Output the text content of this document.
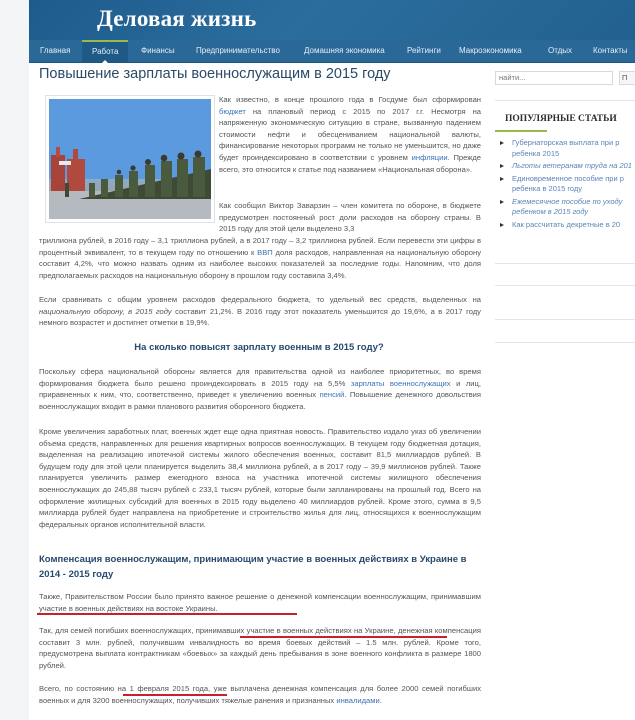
Деловая жизнь
Главная	Работа	Финансы	Предпринимательство	Домашняя экономика	Рейтинги Макроэкономика	Отдых	Контакты
Повышение зарплаты военнослужащим в 2015 году
Как известно, в конце прошлого года в Госдуме был сформирован бюджет на плановый период с 2015 по 2017 г.г. Несмотря на напряженную экономическую ситуацию в стране, вызванную падением стоимости нефти и обесцениванием национальной валюты, финансирование некоторых программ не только не уменьшится, но даже будет проиндексировано в соответствии с уровнем инфляции. Прежде всего, это относится к статье под названием «Национальная оборона».
Как сообщил Виктор Заварзин – член комитета по обороне, в бюджете предусмотрен постоянный рост доли расходов на оборону страны. В 2015 году для этой цели выделено 3,3
триллиона рублей, в 2016 году – 3,1 триллиона рублей, а в 2017 году – 3,2 триллиона рублей. Если перевести эти цифры в процентный эквивалент, то в текущем году по отношению к ВВП доля расходов, направленная на национальную оборону составит 4,2%, что можно назвать одним из наиболее высоких показателей за последние годы. Напомним, что доля предполагаемых расходов на национальную оборону в прошлом году составила 3,4%.
Если сравнивать с общим уровнем расходов федерального бюджета, то удельный вес средств, выделенных на национальную оборону, в 2015 году составит 21,2%. В 2016 году этот показатель уменьшится до 19,6%, а в 2017 году немного возрастет и достигнет отметки в 19,9%.
На сколько повысят зарплату военным в 2015 году?
Поскольку сфера национальной обороны является для правительства одной из наиболее приоритетных, во время формирования бюджета было решено проиндексировать в 2015 году на 5,5% зарплаты военнослужащих и лиц, приравненных к ним, что, соответственно, приведет к увеличению военных пенсий. Повышение денежного довольствия военнослужащих входит в рамки планового развития оборонного бюджета.
Кроме увеличения заработных плат, военных ждет еще одна приятная новость. Правительство издало указ об увеличении объема средств, направленных для решения квартирных вопросов военнослужащих. В текущем году бюджетная дотация, выделенная на реализацию ипотечной системы жилого обеспечения военных, составит 81,5 миллиардов рублей. В будущем году для этой цели планируется выделить 38,4 миллиона рублей, а в 2017 году – 39,9 миллионов рублей. Также планируется увеличить размер ежегодного взноса на участника ипотечной системы жилищного обеспечения военнослужащих до 245,88 тысяч рублей с 233,1 тысяч рублей, которые были запланированы на прошлый год. Всего на оформление жилищных субсидий для военных в 2015 году выделено 40 миллиардов рублей. Кроме этого, сумма в 9,5 миллиарда рублей будет направлена на приобретение и строительство жилья для лиц, относящихся к военнослужащим федеральных органов исполнительной власти.
Компенсация военнослужащим, принимающим участие в военных действиях в Украине в 2014 - 2015 году
Также, Правительством России было принято важное решение о денежной компенсации военнослужащим, принимавшим участие в военных действиях на востоке Украины.
Так, для семей погибших военнослужащих, принимавших участие в военных действиях на Украине, денежная компенсация составит 3 млн. рублей, получившим инвалидность во время боевых действий – 1.5 млн. рублей. Кроме того, предусмотрена выплата контрактникам «боевых» за каждый день пребывания в зоне военного конфликта в размере 1800 рублей.
Всего, по состоянию на 1 февраля 2015 года, уже выплачена денежная компенсация для более 2000 семей погибших военных и для 3200 военнослужащих, получивших тяжелые ранения и признанных инвалидами.
найти...
П
ПОПУЛЯРНЫЕ СТАТЬИ
Губернаторская выплата при р
ребенка 2015
Льготы ветеранам труда на 201
Единовременное пособие при р
ребенка в 2015 году
Ежемесячное пособие по уходу
ребенком в 2015 году
Как рассчитать декретные в 20
